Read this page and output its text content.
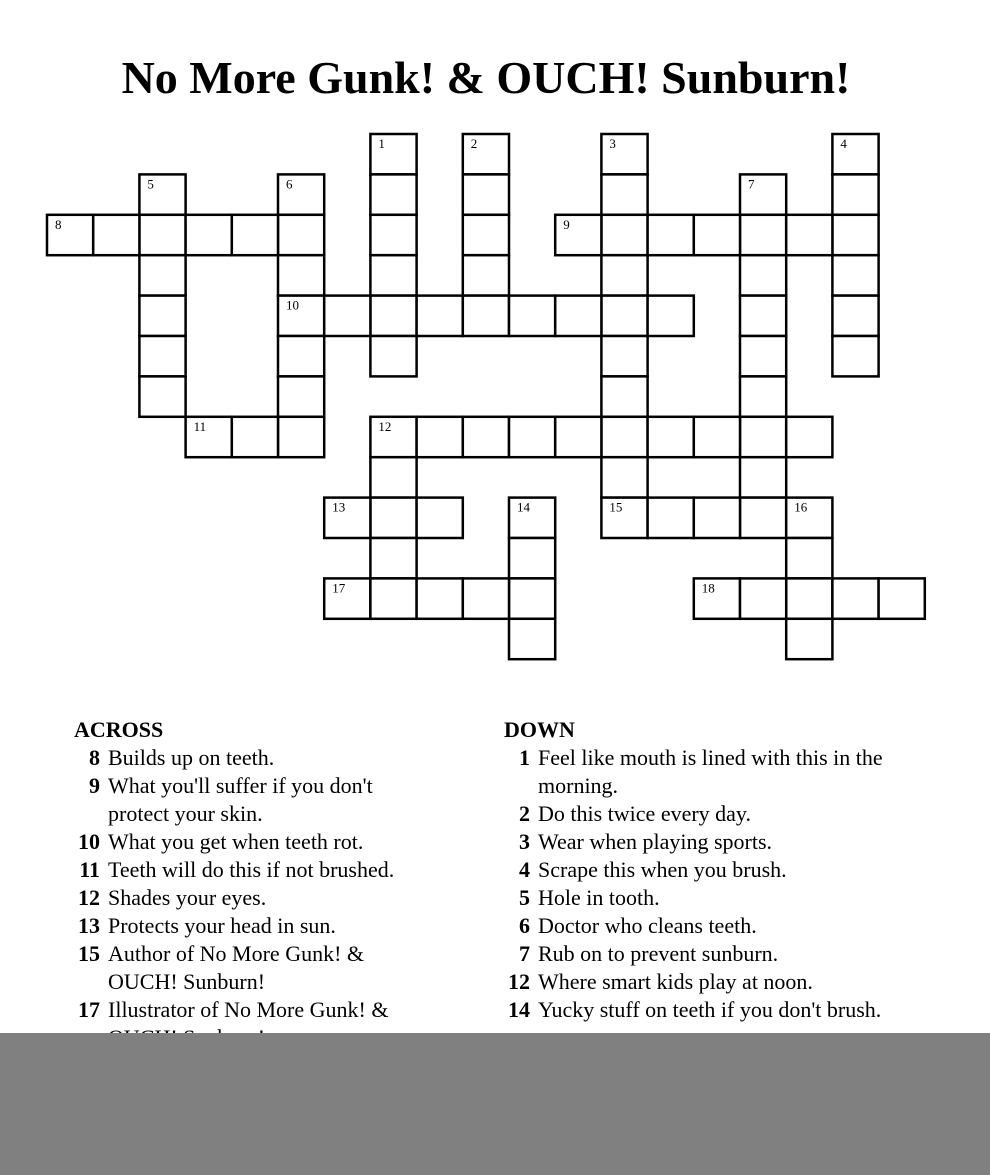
No More Gunk! & OUCH! Sunburn!
1	2	3	4
5	6	7
8	9
10
11	12
13	14	15	16
17	18
ACROSS
8 Builds up on teeth.
9 What you'll suffer if you don't protect your skin.
10 What you get when teeth rot.
11 Teeth will do this if not brushed.
12 Shades your eyes.
13 Protects your head in sun.
15 Author of No More Gunk! & OUCH! Sunburn!
17 Illustrator of No More Gunk! &
DOWN
1 Feel like mouth is lined with this in the morning.
2 Do this twice every day.
3 Wear when playing sports.
4 Scrape this when you brush.
5 Hole in tooth.
6 Doctor who cleans teeth.
7 Rub on to prevent sunburn.
12 Where smart kids play at noon.
14 Yucky stuff on teeth if you don't brush.
